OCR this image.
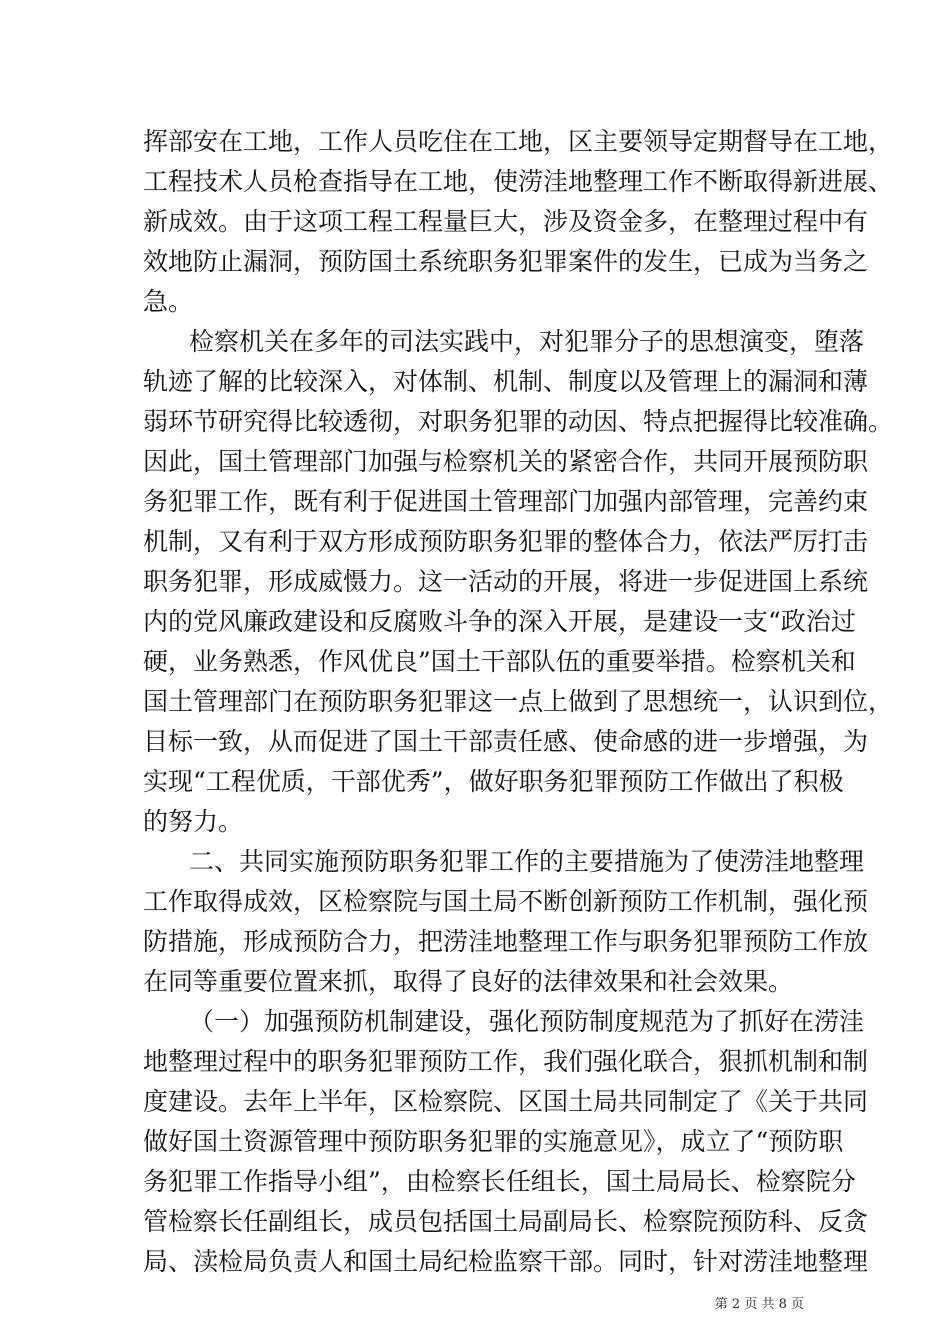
挥部安在工地，工作人员吃住在工地，区主要领导定期督导在工地，
工程技术人员枪查指导在工地，使涝洼地整理工作不断取得新进展、
新成效。由于这项工程工程量巨大，涉及资金多，在整理过程中有
效地防止漏洞，预防国土系统职务犯罪案件的发生，已成为当务之
急。
检察机关在多年的司法实践中，对犯罪分子的思想演变，堕落
轨迹了解的比较深入，对体制、机制、制度以及管理上的漏洞和薄
弱环节研究得比较透彻，对职务犯罪的动因、特点把握得比较准确。
因此，国土管理部门加强与检察机关的紧密合作，共同开展预防职
务犯罪工作，既有利于促进国土管理部门加强内部管理，完善约束
机制，又有利于双方形成预防职务犯罪的整体合力，依法严厉打击
职务犯罪，形成威慑力。这一活动的开展，将进一步促进国上系统
内的党风廉政建设和反腐败斗争的深入开展，是建设一支“政治过
硬，业务熟悉，作风优良”国土干部队伍的重要举措。检察机关和
国土管理部门在预防职务犯罪这一点上做到了思想统一，认识到位，
目标一致，从而促进了国土干部责任感、使命感的进一步增强，为
实现“工程优质，干部优秀”，做好职务犯罪预防工作做出了积极
的努力。
二、共同实施预防职务犯罪工作的主要措施为了使涝洼地整理
工作取得成效，区检察院与国土局不断创新预防工作机制，强化预
防措施，形成预防合力，把涝洼地整理工作与职务犯罪预防工作放
在同等重要位置来抓，取得了良好的法律效果和社会效果。
（一）加强预防机制建设，强化预防制度规范为了抓好在涝洼
地整理过程中的职务犯罪预防工作，我们强化联合，狠抓机制和制
度建设。去年上半年，区检察院、区国土局共同制定了《关于共同
做好国土资源管理中预防职务犯罪的实施意见》，成立了“预防职
务犯罪工作指导小组”，由检察长任组长，国土局局长、检察院分
管检察长任副组长，成员包括国土局副局长、检察院预防科、反贪
局、渎检局负责人和国土局纪检监察干部。同时，针对涝洼地整理
第 2 页 共 8 页
